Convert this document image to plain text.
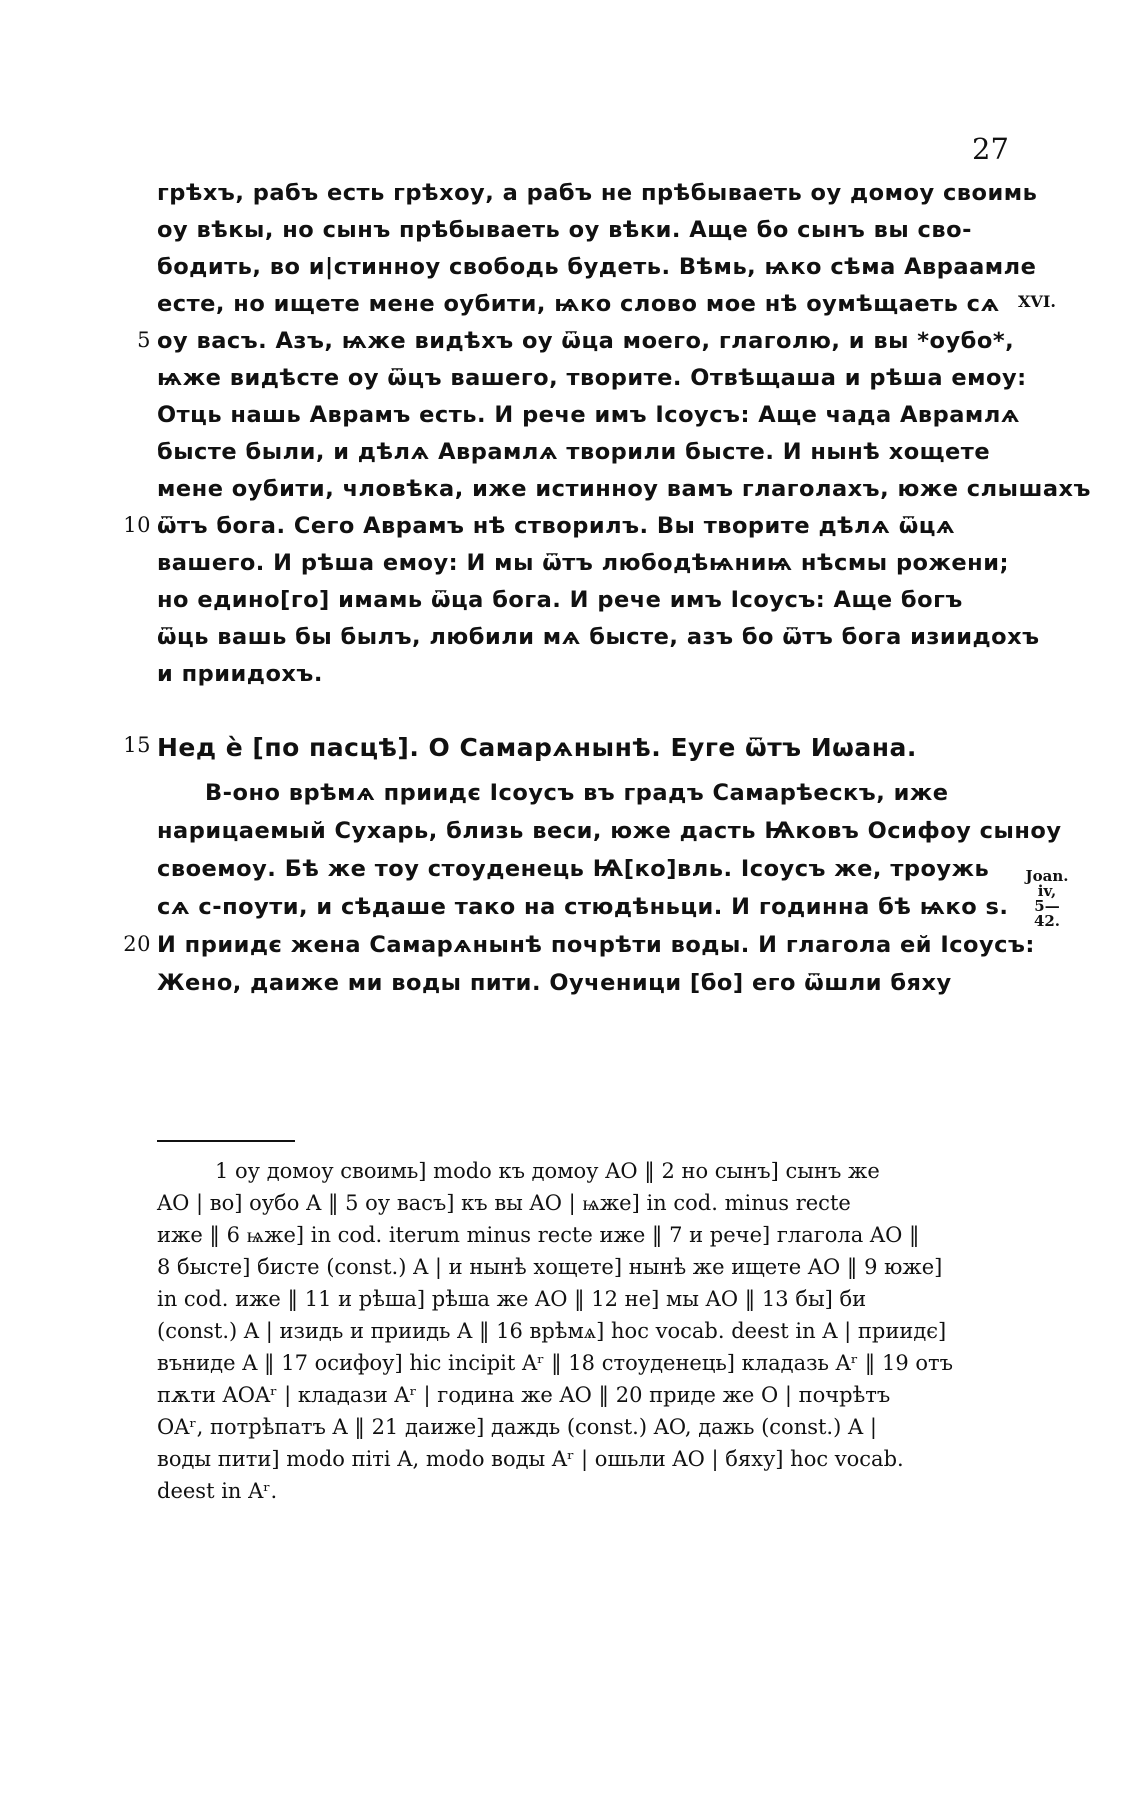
27
грѣхъ, рабъ есть грѣхоу, а рабъ не прѣбываеть оу домоу своимь
оу вѣкы, но сынъ прѣбываеть оу вѣки. Аще бо сынъ вы сво-
бодить, во и|стинноу свободь будеть. Вѣмь, ѩко сѣма Авраамле
есте, но ищете мене оубити, ѩко слово мое нѣ оумѣщаеть сѧ
5 оу васъ. Азъ, ѩже видѣхъ оу ѿца моего, глаголю, и вы *оубо*,
ѩже видѣсте оу ѿцъ вашего, творите. Отвѣщаша и рѣша емоу:
Отць нашь Аврамъ есть. И рече имъ Iсоусъ: Аще чада Аврамлѧ
бысте были, и дѣлѧ Аврамлѧ творили бысте. И нынѣ хощете
мене оубити, чловѣка, иже истинноу вамъ глаголахъ, юже слышахъ
10 ѿтъ бога. Сего Аврамъ нѣ створилъ. Вы творите дѣлѧ ѿцѧ
вашего. И рѣша емоу: И мы ѿтъ любодѣѩниѩ нѣсмы рожени;
но едино[го] имамь ѿца бога. И рече имъ Iсоусъ: Аще богъ
ѿць вашь бы былъ, любили мѧ бысте, азъ бо ѿтъ бога изиидохъ
и приидохъ.
15 Нед ѐ [по пасцѣ]. О Самарѧнынѣ. Еуге ѿтъ Иѡана.
В-оно врѣмѧ приидє Iсоусъ въ градъ Самарѣескъ, иже
нарицаемый Сухарь, близь веси, юже дасть Ѩковъ Осифоу сыноу
своемоу. Бѣ же тоу стоуденець Ѩ[ко]вль. Iсоусъ же, троужь
сѧ с-поути, и сѣдаше тако на стюдѣньци. И годинна бѣ ѩко ѕ.
20 И приидє жена Самарѧнынѣ почрѣти воды. И глагола ей Iсоусъ:
Жено, даиже ми воды пити. Оученици [бо] его ѿшли бяху
XVI.
Joan.
iv,
5—42.
1 оу домоу своимь] modo къ домоу AO ‖ 2 но сынъ] сынъ же
AO | во] оубо A ‖ 5 оу васъ] къ вы AO | ѩже] in cod. minus recte
иже ‖ 6 ѩже] in cod. iterum minus recte иже ‖ 7 и рече] глагола AO ‖
8 бысте] бисте (const.) A | и нынѣ хощете] нынѣ же ищете AO ‖ 9 юже]
in cod. иже ‖ 11 и рѣша] рѣша же AO ‖ 12 не] мы AO ‖ 13 бы] би
(const.) A | изидь и приидь A ‖ 16 врѣмѧ] hoc vocab. deest in A | приидє]
въниде A ‖ 17 осифоу] hic incipit Aʳ ‖ 18 стоуденець] кладазь Aʳ ‖ 19 отъ
пѫти AOAʳ | кладази Aʳ | година же AO ‖ 20 приде же O | почрѣтъ
OAʳ, потрѣпатъ A ‖ 21 даиже] даждь (const.) AO, дажь (const.) A |
воды пити] modo пiтi A, modo воды Aʳ | ошьли AO | бяху] hoc vocab.
deest in Aʳ.
